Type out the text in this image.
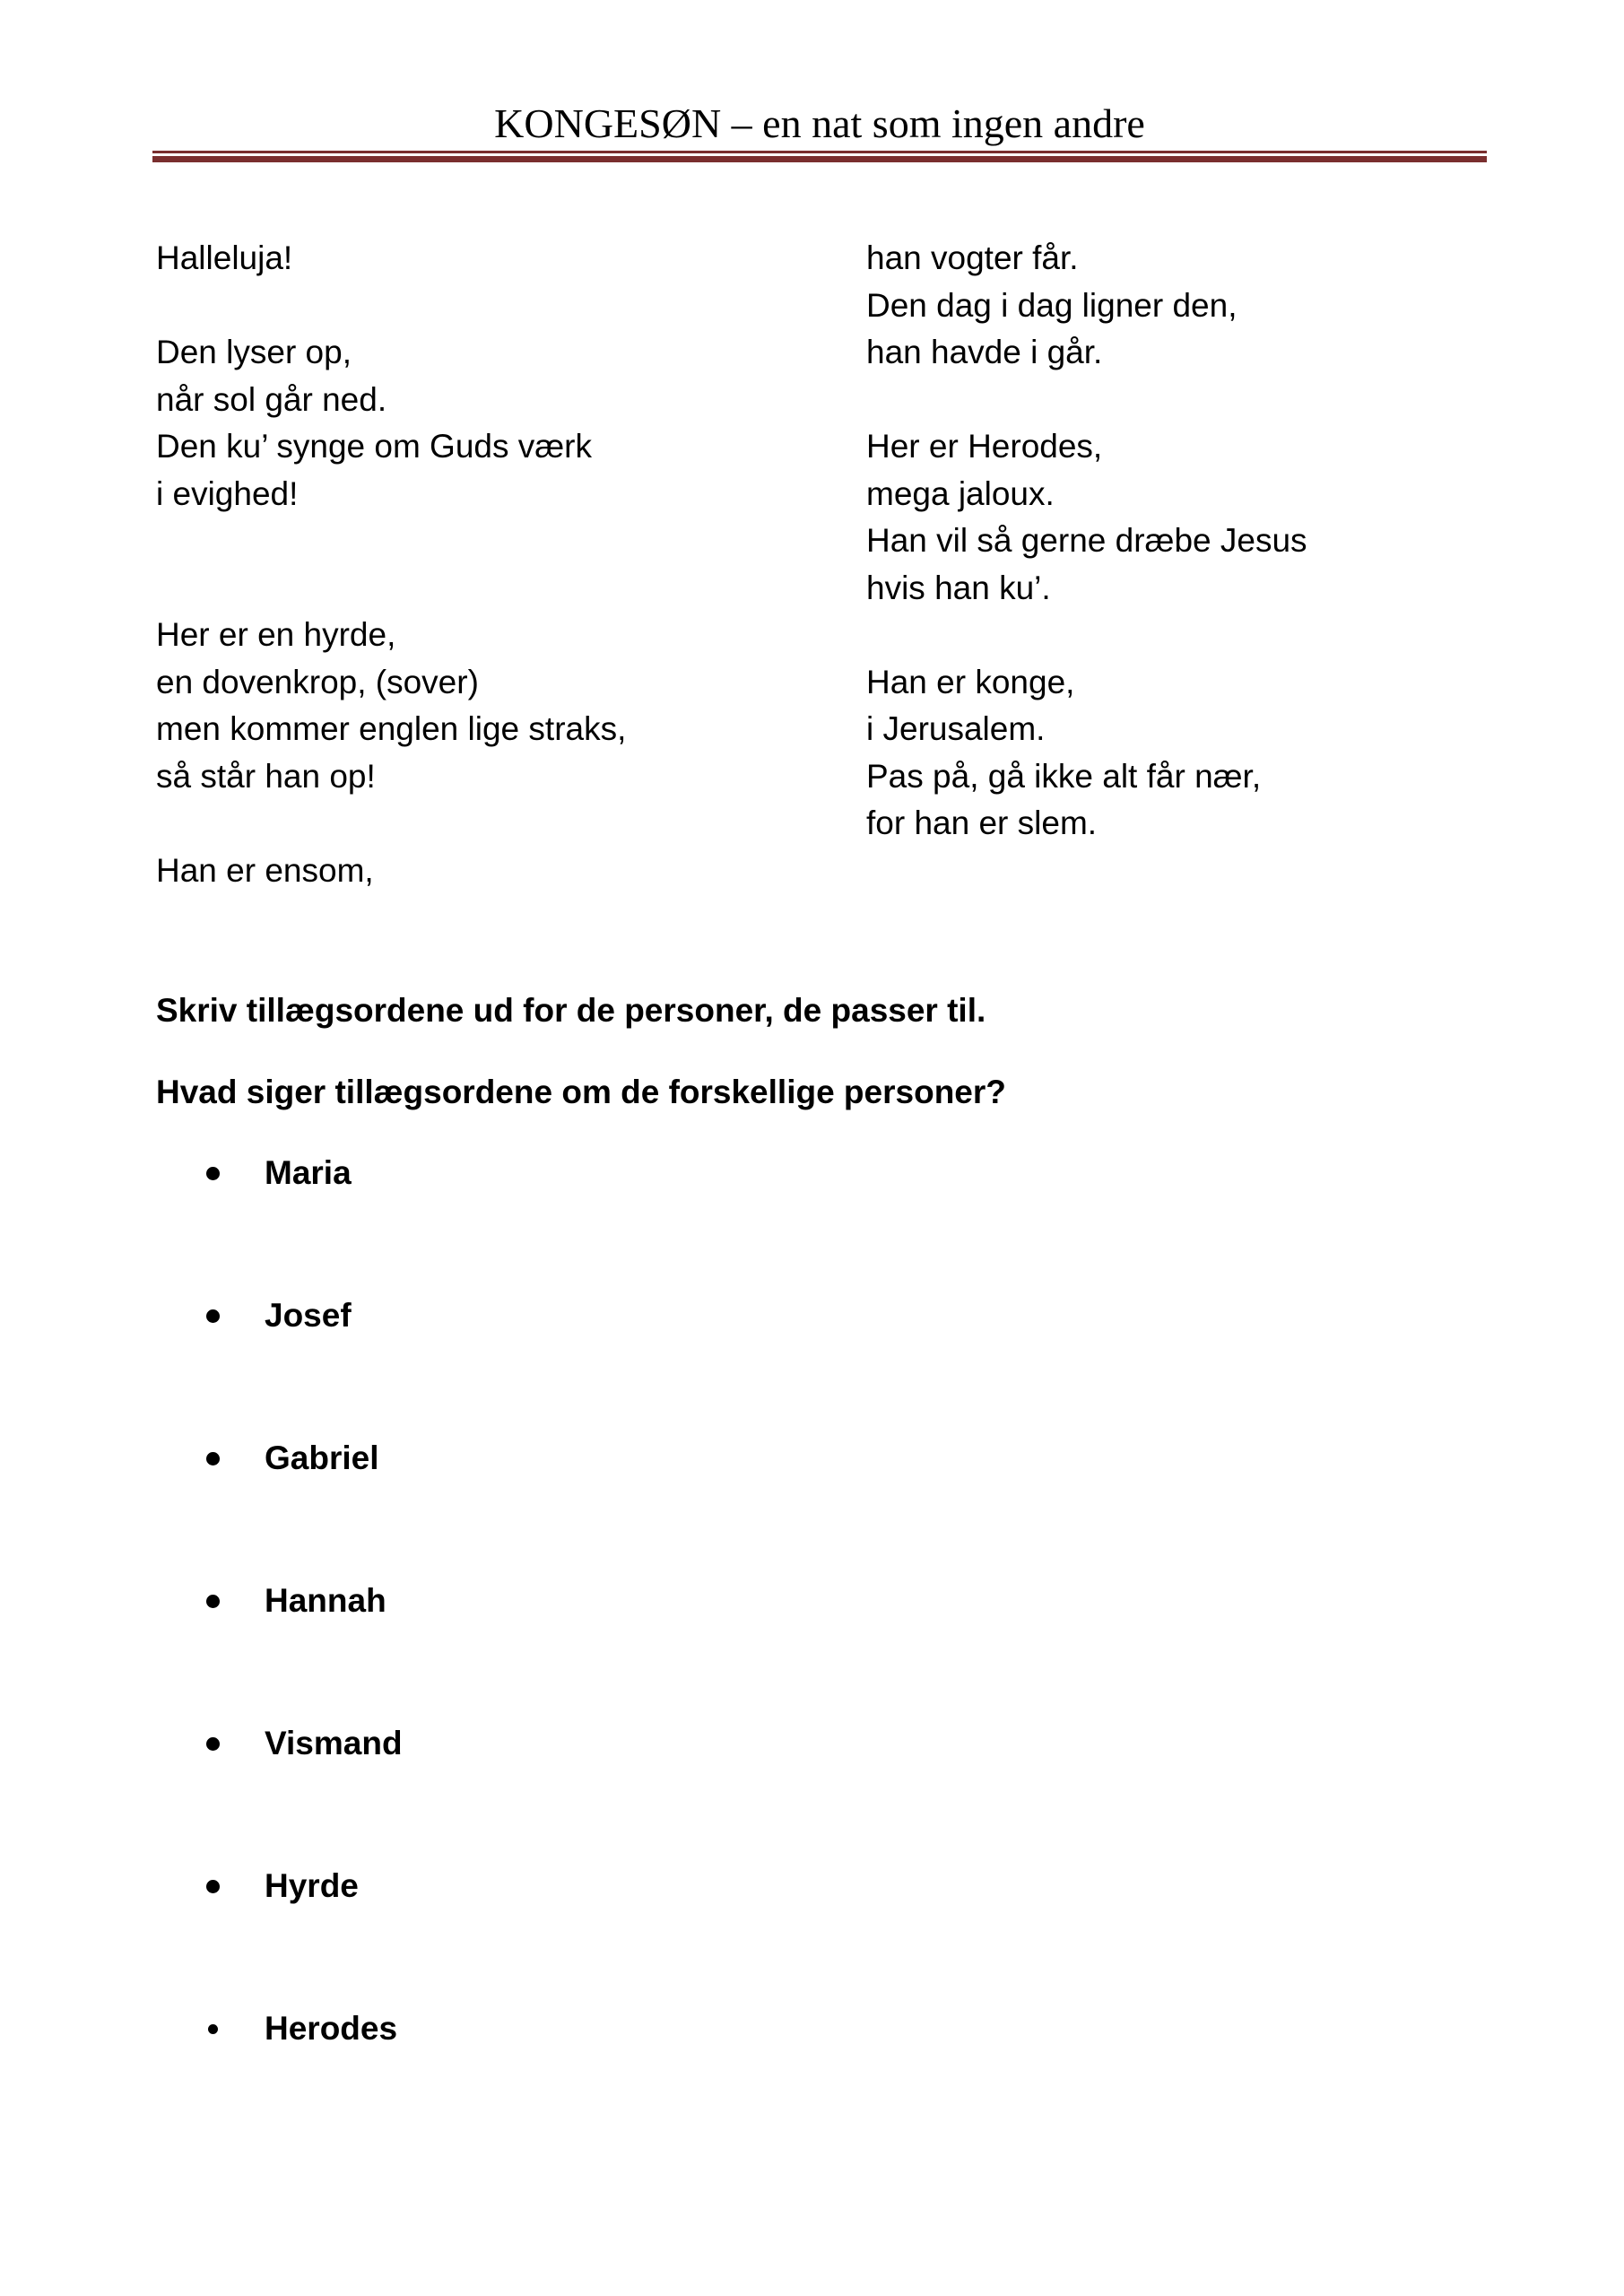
KONGESØN – en nat som ingen andre
Halleluja!
Den lyser op,
når sol går ned.
Den ku’ synge om Guds værk
i evighed!
Her er en hyrde,
en dovenkrop, (sover)
men kommer englen lige straks,
så står han op!
Han er ensom,
han vogter får.
Den dag i dag ligner den,
han havde i går.
Her er Herodes,
mega jaloux.
Han vil så gerne dræbe Jesus
hvis han ku’.
Han er konge,
i Jerusalem.
Pas på, gå ikke alt får nær,
for han er slem.
Skriv tillægsordene ud for de personer, de passer til.
Hvad siger tillægsordene om de forskellige personer?
Maria
Josef
Gabriel
Hannah
Vismand
Hyrde
Herodes
